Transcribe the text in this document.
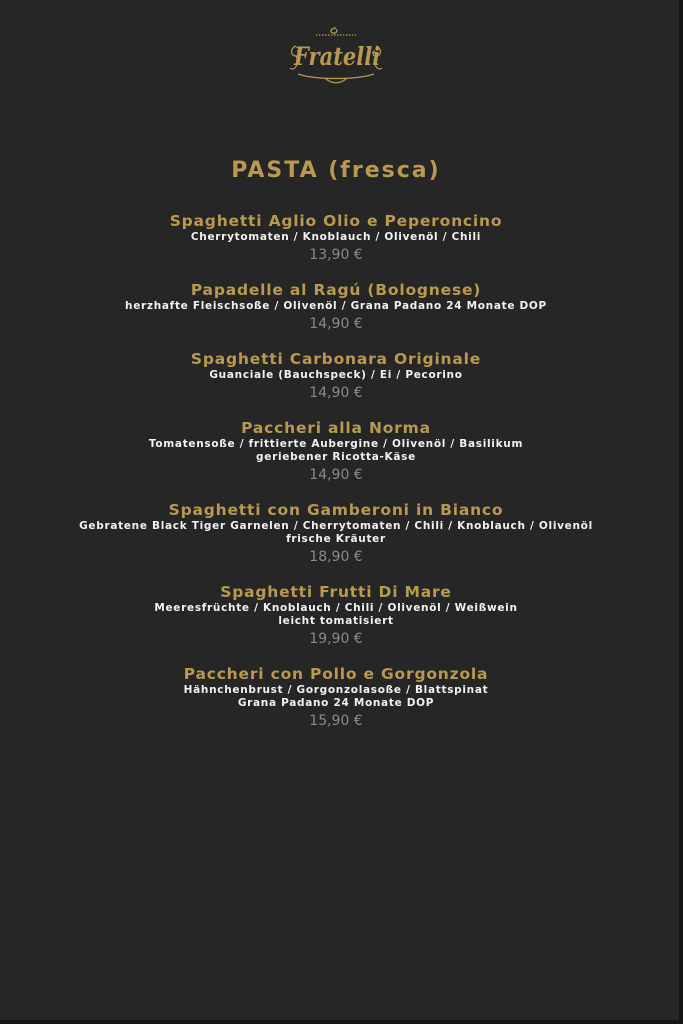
Fratelli
PASTA (fresca)
Spaghetti Aglio Olio e Peperoncino
Cherrytomaten / Knoblauch / Olivenöl / Chili
13,90 €
Papadelle al Ragú (Bolognese)
herzhafte Fleischsoße / Olivenöl / Grana Padano 24 Monate DOP
14,90 €
Spaghetti Carbonara Originale
Guanciale (Bauchspeck) / Ei / Pecorino
14,90 €
Paccheri alla Norma
Tomatensoße / frittierte Aubergine / Olivenöl / Basilikum
geriebener Ricotta-Käse
14,90 €
Spaghetti con Gamberoni in Bianco
Gebratene Black Tiger Garnelen / Cherrytomaten / Chili / Knoblauch / Olivenöl
frische Kräuter
18,90 €
Spaghetti Frutti Di Mare
Meeresfrüchte / Knoblauch / Chili / Olivenöl / Weißwein
leicht tomatisiert
19,90 €
Paccheri con Pollo e Gorgonzola
Hähnchenbrust / Gorgonzolasoße / Blattspinat
Grana Padano 24 Monate DOP
15,90 €
